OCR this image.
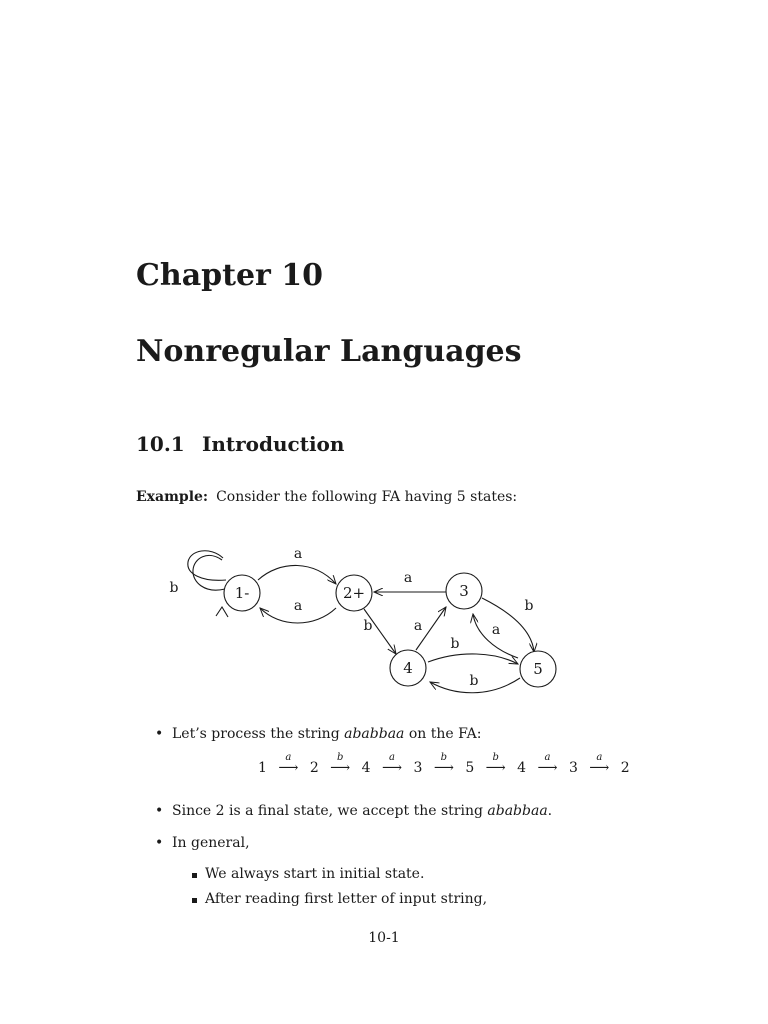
Chapter 10
Nonregular Languages
10.1 Introduction
Example: Consider the following FA having 5 states:
1-	2+	3
4	5
b
a
a
a
b	a
b
a
b
b
• Let’s process the string ababbaa on the FA:
1
a
⟶ 2
b
⟶ 4
a
⟶ 3
b
⟶ 5
b
⟶ 4
a
⟶ 3
a
⟶ 2
• Since 2 is a final state, we accept the string ababbaa.
• In general,
We always start in initial state.
After reading first letter of input string,
10-1
